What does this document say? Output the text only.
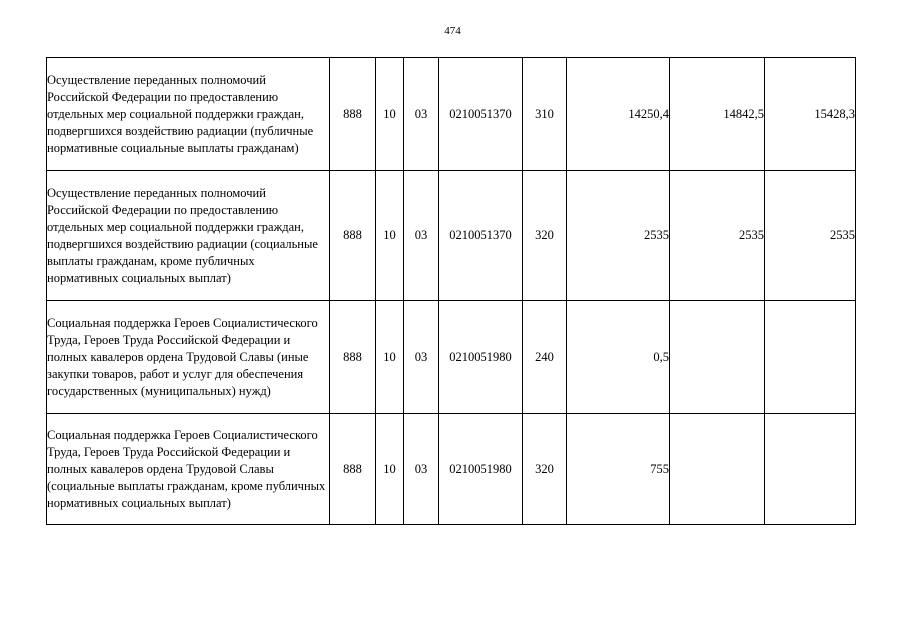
474
Осуществление переданных полномочий Российской Федерации по предоставлению отдельных мер социальной поддержки граждан, подвергшихся воздействию радиации (публичные нормативные социальные выплаты гражданам)	888	10	03	0210051370	310	14250,4	14842,5	15428,3

Осуществление переданных полномочий Российской Федерации по предоставлению отдельных мер социальной поддержки граждан, подвергшихся воздействию радиации (социальные выплаты гражданам, кроме публичных нормативных социальных выплат)	888	10	03	0210051370	320	2535	2535	2535

Социальная поддержка Героев Социалистического Труда, Героев Труда Российской Федерации и полных кавалеров ордена Трудовой Славы (иные закупки товаров, работ и услуг для обеспечения государственных (муниципальных) нужд)	888	10	03	0210051980	240	0,5		

Социальная поддержка Героев Социалистического Труда, Героев Труда Российской Федерации и полных кавалеров ордена Трудовой Славы (социальные выплаты гражданам, кроме публичных нормативных социальных выплат)	888	10	03	0210051980	320	755		
